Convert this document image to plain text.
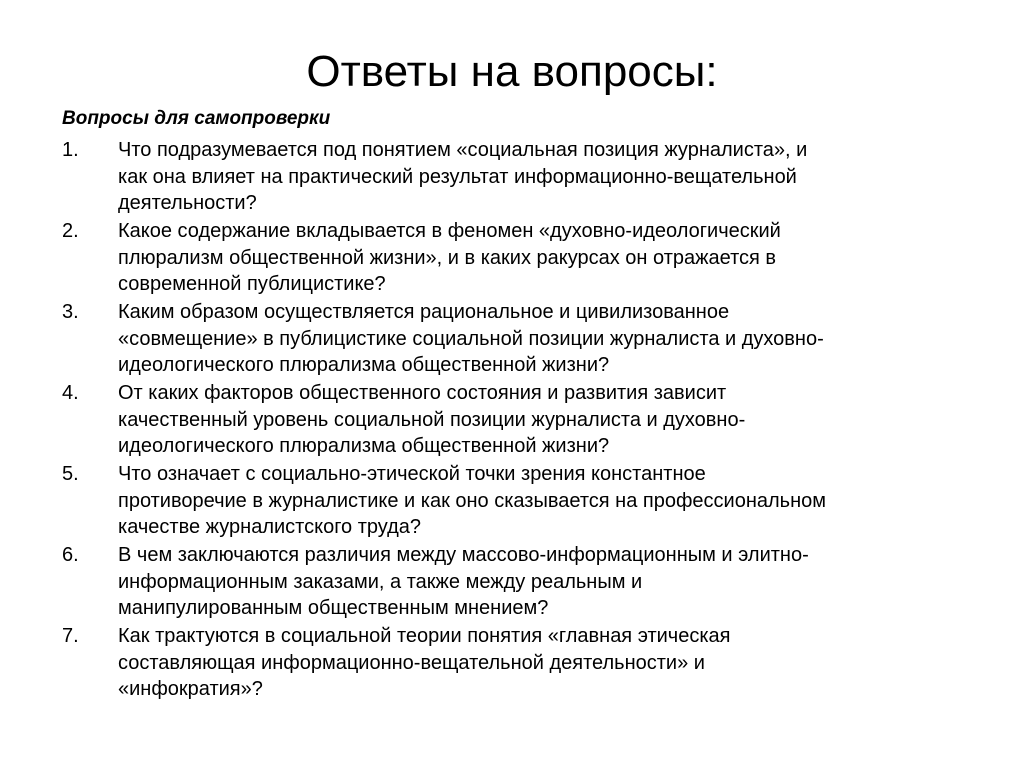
Ответы на вопросы:
Вопросы для самопроверки
1. Что подразумевается под понятием «социальная позиция журналиста», и
как она влияет на практический результат информационно-вещательной
деятельности?
2. Какое содержание вкладывается в феномен «духовно-идеологический
плюрализм общественной жизни», и в каких ракурсах он отражается в
современной публицистике?
3. Каким образом осуществляется рациональное и цивилизованное
«совмещение» в публицистике социальной позиции журналиста и духовно-
идеологического плюрализма общественной жизни?
4. От каких факторов общественного состояния и развития зависит
качественный уровень социальной позиции журналиста и духовно-
идеологического плюрализма общественной жизни?
5. Что означает с социально-этической точки зрения константное
противоречие в журналистике и как оно сказывается на профессиональном
качестве журналистского труда?
6. В чем заключаются различия между массово-информационным и элитно-
информационным заказами, а также между реальным и
манипулированным общественным мнением?
7. Как трактуются в социальной теории понятия «главная этическая
составляющая информационно-вещательной деятельности» и
«инфократия»?
